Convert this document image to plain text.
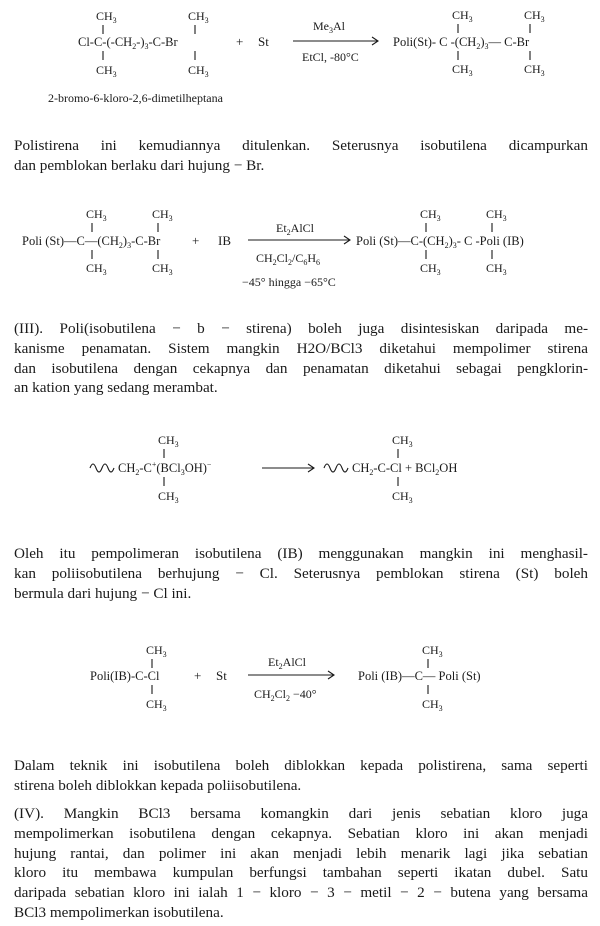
$CH_3$	$CH_3$
$Cl-C-(-CH_2-)_3-C-Br$
$CH_3$	$CH_3$
+ St
$Me_3Al$
EtCl, -80°C
$CH_3$	$CH_3$
Poli(St)- C $-(CH_2)_3—$ C-Br
$CH_3$	$CH_3$
2-bromo-6-kloro-2,6-dimetilheptana

Polistirena ini kemudiannya ditulenkan. Seterusnya isobutilena dicampurkan
dan pemblokan berlaku dari hujung − Br.

$CH_3$	$CH_3$
Poli $(St)—C—(CH_2)_3-C-Br$
$CH_3$	$CH_3$
+ IB
$Et_2AlCl$
$CH_2Cl_2/C_6H_6$
−45° hingga −65°C
$CH_3$	$CH_3$
Poli $(St)—C-(CH_2)_3-$ C -Poli (IB)
$CH_3$	$CH_3$

(III). Poli(isobutilena − b − stirena) boleh juga disintesiskan daripada me-
kanisme penamatan. Sistem mangkin H2O/BCl3 diketahui mempolimer stirena
dan isobutilena dengan cekapnya dan penamatan diketahui sebagai pengklorin-
an kation yang sedang merambat.

$CH_3$
$CH_2-C^+(BCl_3OH)^-$
$CH_3$
$CH_3$
$CH_2-C-Cl + BCl_2OH$
$CH_3$

Oleh itu pempolimeran isobutilena (IB) menggunakan mangkin ini menghasil-
kan poliisobutilena berhujung − Cl. Seterusnya pemblokan stirena (St) boleh
bermula dari hujung − Cl ini.

$CH_3$
Poli(IB)-C-Cl
$CH_3$
+ St
$Et_2AlCl$
$CH_2Cl_2 -40^\circ$
$CH_3$
Poli (IB)—C— Poli (St)
$CH_3$

Dalam teknik ini isobutilena boleh diblokkan kepada polistirena, sama seperti
stirena boleh diblokkan kepada poliisobutilena.

(IV). Mangkin BCl3 bersama komangkin dari jenis sebatian kloro juga
mempolimerkan isobutilena dengan cekapnya. Sebatian kloro ini akan menjadi
hujung rantai, dan polimer ini akan menjadi lebih menarik lagi jika sebatian
kloro itu membawa kumpulan berfungsi tambahan seperti ikatan dubel. Satu
daripada sebatian kloro ini ialah 1 − kloro − 3 − metil − 2 − butena yang bersama
BCl3 mempolimerkan isobutilena.
